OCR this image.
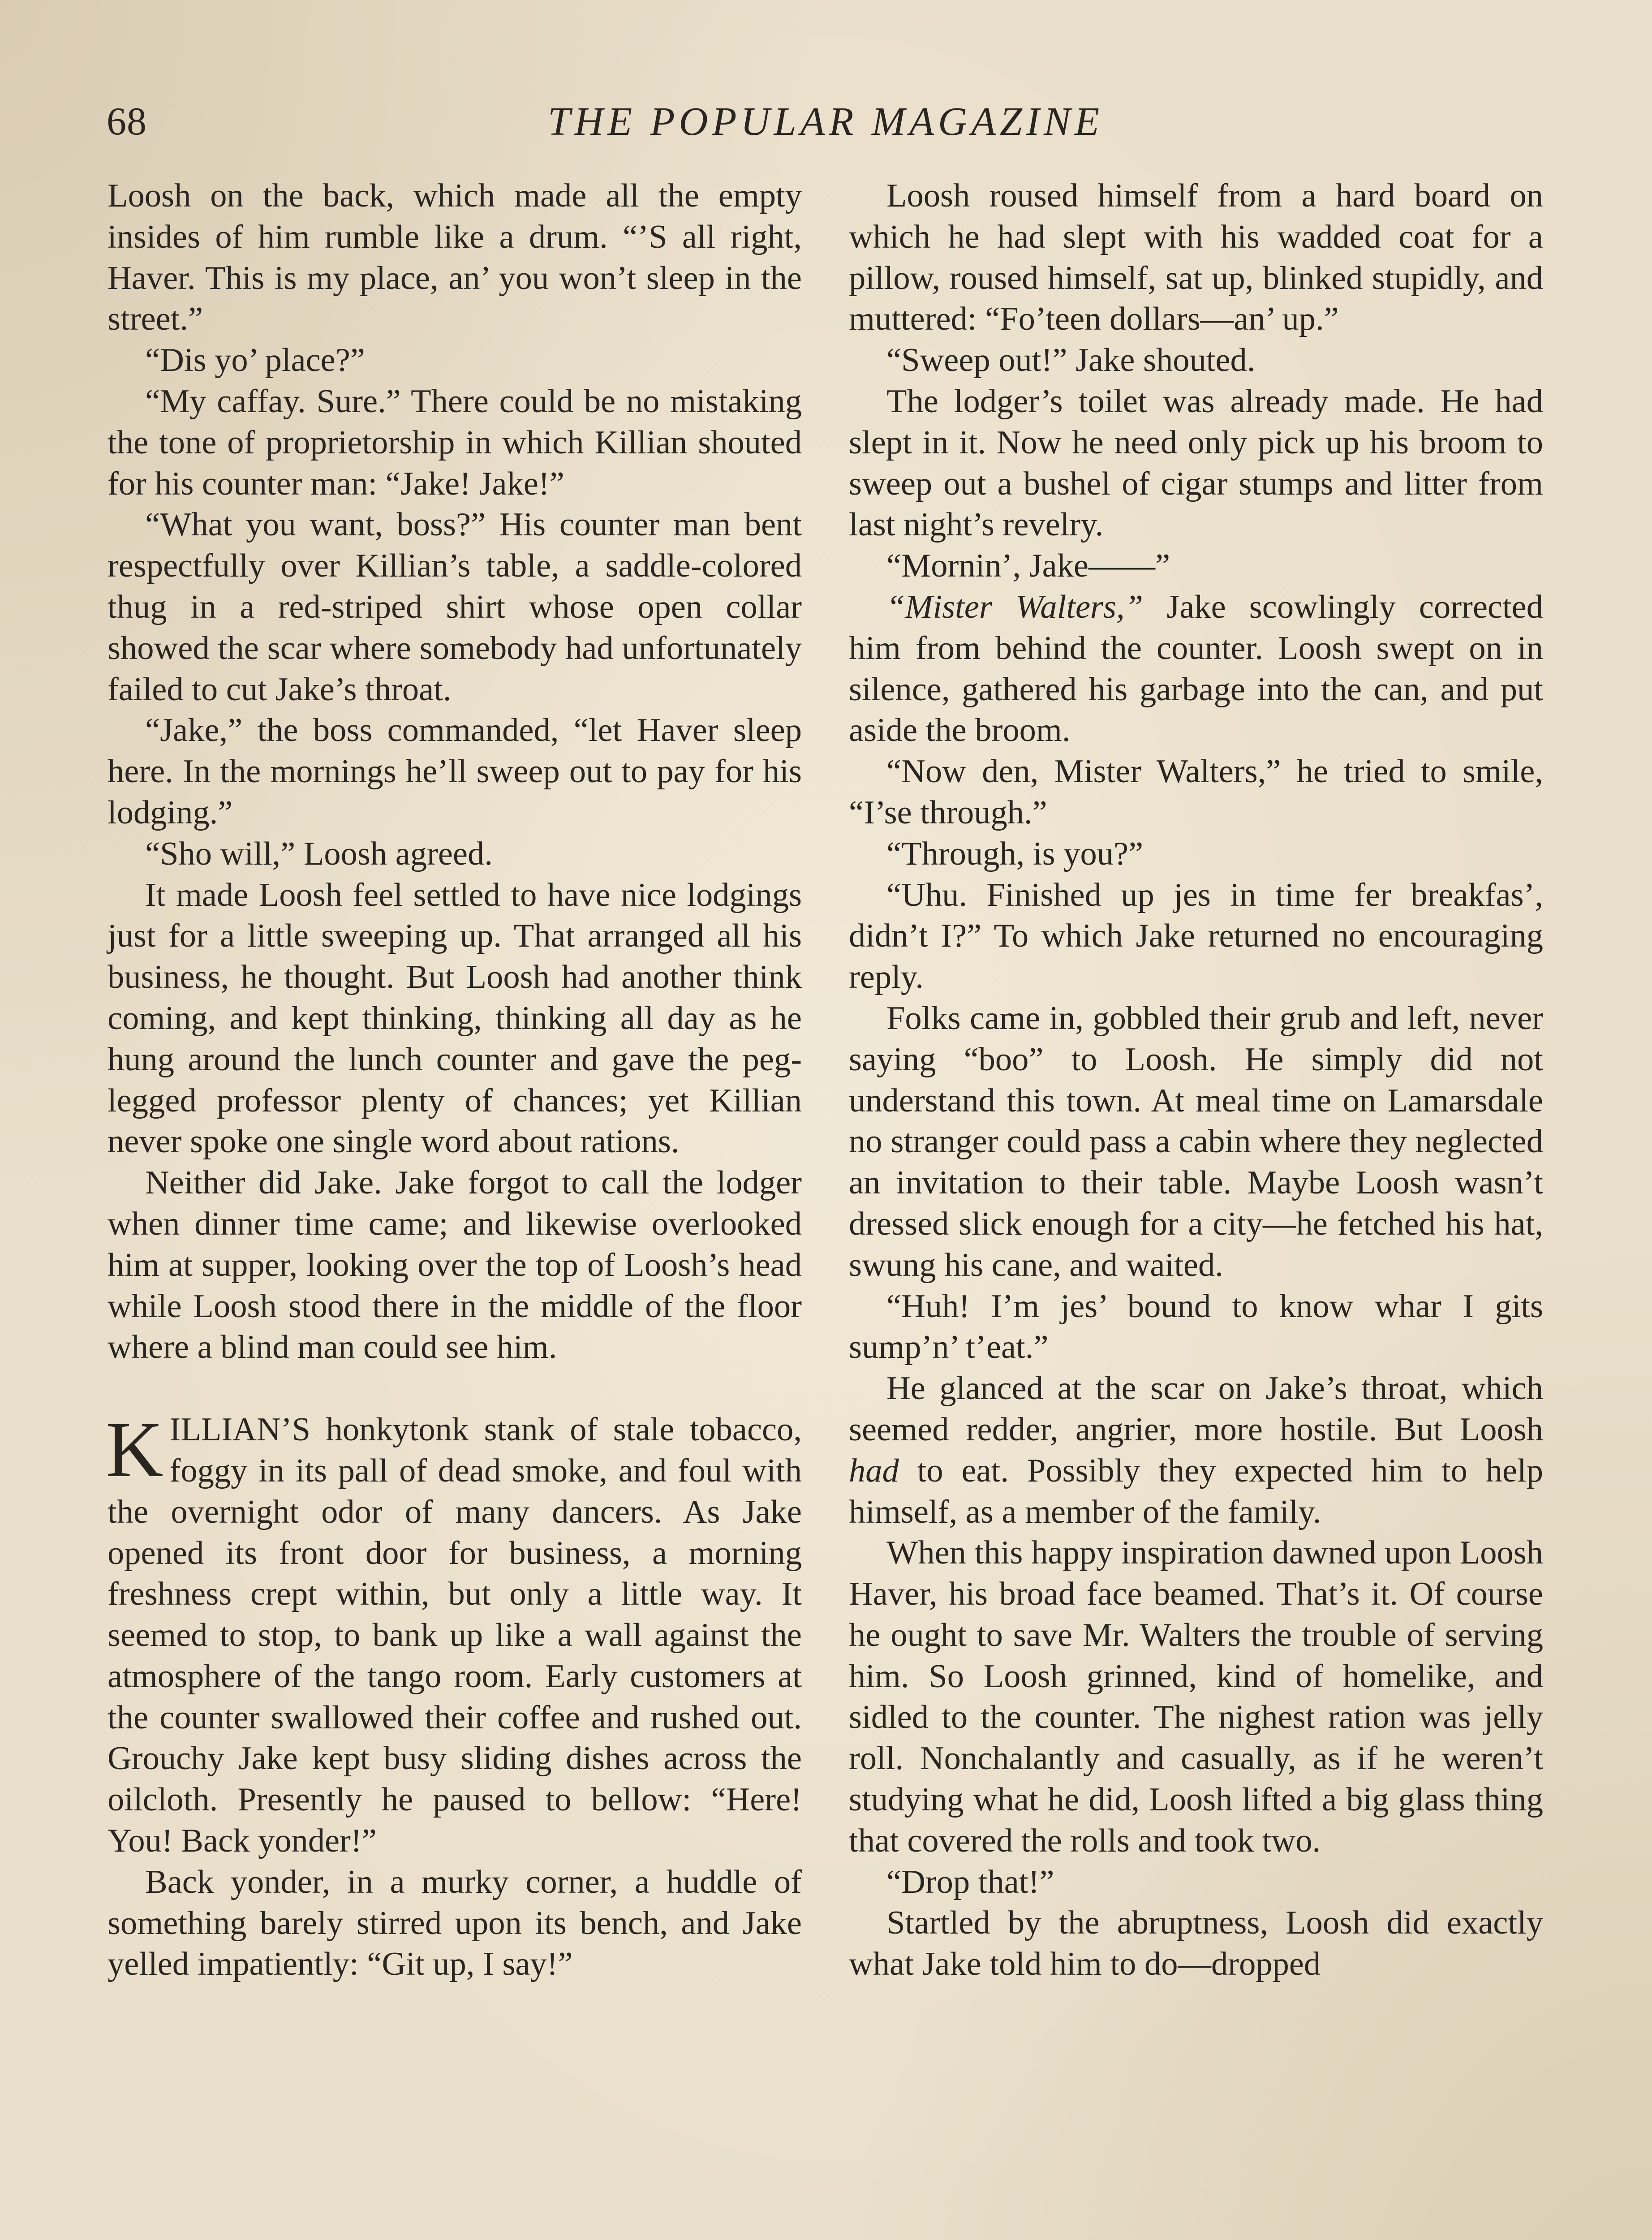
68	THE POPULAR MAGAZINE

Loosh on the back, which made all the empty insides of him rumble like a drum. “’S all right, Haver. This is my place, an’ you won’t sleep in the street.”

“Dis yo’ place?”

“My caffay. Sure.” There could be no mistaking the tone of proprietorship in which Killian shouted for his counter man: “Jake! Jake!”

“What you want, boss?” His counter man bent respectfully over Killian’s table, a saddle-colored thug in a red-striped shirt whose open collar showed the scar where somebody had unfortunately failed to cut Jake’s throat.

“Jake,” the boss commanded, “let Haver sleep here. In the mornings he’ll sweep out to pay for his lodging.”

“Sho will,” Loosh agreed.

It made Loosh feel settled to have nice lodgings just for a little sweeping up. That arranged all his business, he thought. But Loosh had another think coming, and kept thinking, thinking all day as he hung around the lunch counter and gave the peg-legged professor plenty of chances; yet Killian never spoke one single word about rations.

Neither did Jake. Jake forgot to call the lodger when dinner time came; and likewise overlooked him at supper, looking over the top of Loosh’s head while Loosh stood there in the middle of the floor where a blind man could see him.

KILLIAN’S honkytonk stank of stale tobacco, foggy in its pall of dead smoke, and foul with the overnight odor of many dancers. As Jake opened its front door for business, a morning freshness crept within, but only a little way. It seemed to stop, to bank up like a wall against the atmosphere of the tango room. Early customers at the counter swallowed their coffee and rushed out. Grouchy Jake kept busy sliding dishes across the oilcloth. Presently he paused to bellow: “Here! You! Back yonder!”

Back yonder, in a murky corner, a huddle of something barely stirred upon its bench, and Jake yelled impatiently: “Git up, I say!”

Loosh roused himself from a hard board on which he had slept with his wadded coat for a pillow, roused himself, sat up, blinked stupidly, and muttered: “Fo’teen dollars—an’ up.”

“Sweep out!” Jake shouted.

The lodger’s toilet was already made. He had slept in it. Now he need only pick up his broom to sweep out a bushel of cigar stumps and litter from last night’s revelry.

“Mornin’, Jake——”

“Mister Walters,” Jake scowlingly corrected him from behind the counter. Loosh swept on in silence, gathered his garbage into the can, and put aside the broom.

“Now den, Mister Walters,” he tried to smile, “I’se through.”

“Through, is you?”

“Uhu. Finished up jes in time fer breakfas’, didn’t I?” To which Jake returned no encouraging reply.

Folks came in, gobbled their grub and left, never saying “boo” to Loosh. He simply did not understand this town. At meal time on Lamarsdale no stranger could pass a cabin where they neglected an invitation to their table. Maybe Loosh wasn’t dressed slick enough for a city—he fetched his hat, swung his cane, and waited.

“Huh! I’m jes’ bound to know whar I gits sump’n’ t’eat.”

He glanced at the scar on Jake’s throat, which seemed redder, angrier, more hostile. But Loosh had to eat. Possibly they expected him to help himself, as a member of the family.

When this happy inspiration dawned upon Loosh Haver, his broad face beamed. That’s it. Of course he ought to save Mr. Walters the trouble of serving him. So Loosh grinned, kind of homelike, and sidled to the counter. The nighest ration was jelly roll. Nonchalantly and casually, as if he weren’t studying what he did, Loosh lifted a big glass thing that covered the rolls and took two.

“Drop that!”

Startled by the abruptness, Loosh did exactly what Jake told him to do—dropped
